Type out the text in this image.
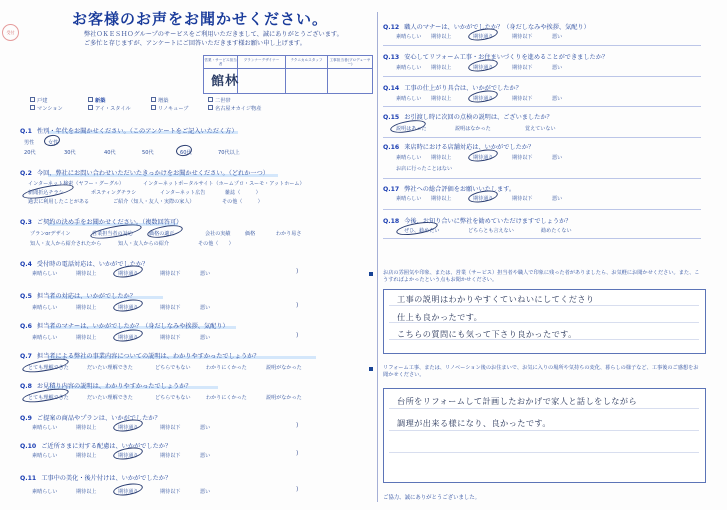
受付
お客様のお声をお聞かせください。
弊社ＯＫＥＳＨＯグループのサービスをご利用いただきまして、誠にありがとうございます。
ご多忙と存じますが、アンケートにご回答いただきます様お願い申し上げます。
営業・サービス担当者
プランナーデザイナー	テクニカルスタッフ	工事担当者(プロデューサー)
館林
戸建
マンション
新築
アイ・スタイル
増築
リノキューブ
二世帯
名古屋オカイジ物産
Q.1 性別・年代をお聞かせください。（このアンケートをご記入いただく方）
男性	女性
20代	30代	40代	50代	60代	70代以上
Q.2 今回、弊社にお問い合わせいただいたきっかけをお聞かせください。（どれか一つ）
インターネット検索（ヤフー・グーグル）	インターネットポータルサイト（ホームプロ・スーモ・アットホーム）
新聞折込チラシ	ポスティングチラシ	インターネット広告	雑誌（　　　）
過去に利用したことがある	ご紹介（知人・友人・実際の家人）	その他（　　　）
Q.3 ご契約の決め手をお聞かせください。（複数回答可）
プランorデザイン	営業担当者の対応	価格の適正	会社の実績	価格	わかり易さ
知人・友人から紹介されたから	知人・友人からの紹介	その他（　　）
Q.4 受付時の電話対応は、いかがでしたか？
素晴らしい	期待以上	期待通り	期待以下	悪い
Q.5 担当者の対応は、いかがでしたか？
素晴らしい	期待以上	期待通り	期待以下	悪い
Q.6 担当者のマナーは、いかがでしたか？（身だしなみや挨拶、気配り）
素晴らしい	期待以上	期待通り	期待以下	悪い
Q.7 担当者による弊社の事業内容についての説明は、わかりやすかったでしょうか？
とても理解できた	だいたい理解できた	どちらでもない	わかりにくかった	説明がなかった
Q.8 お見積り内容の説明は、わかりやすかったでしょうか？
とても理解できた	だいたい理解できた	どちらでもない	わかりにくかった	説明がなかった
Q.9 ご提案の商品やプランは、いかがでしたか？
素晴らしい	期待以上	期待通り	期待以下	悪い
Q.10 ご近所さまに対する配慮は、いかがでしたか？
素晴らしい	期待以上	期待通り	期待以下	悪い
Q.11 工事中の美化・後片付けは、いかがでしたか？
素晴らしい	期待以上	期待通り	期待以下	悪い
)
)
)
)
)
)
Q.12 職人のマナーは、いかがでしたか？（身だしなみや挨拶、気配り）
素晴らしい 期待以上	期待通り	期待以下	悪い
Q.13 安心してリフォーム工事・お住まいづくりを進めることができましたか？
素晴らしい 期待以上	期待通り	期待以下	悪い
Q.14 工事の仕上がり具合は、いかがでしたか？
素晴らしい 期待以上	期待通り	期待以下	悪い
Q.15 お引渡し時に次回の点検の説明は、ございましたか？
説明はあった	説明はなかった	覚えていない
Q.16 来店時における店舗対応は、いかがでしたか？
素晴らしい 期待以上	期待通り	期待以下	悪い
お店に行ったことはない
Q.17 弊社への総合評価をお願いいたします。
素晴らしい 期待以上	期待通り	期待以下	悪い
Q.18 今後、お知り合いに弊社を勧めていただけますでしょうか？
ぜひ、勧めたい	どちらとも言えない	勧めたくない
お店の雰囲気や印象、または、営業（サービス）担当者や職人で印象に残った者がありましたら、お気軽にお聞かせください。また、こうすればよかったという点もお聞かせください。
工事の説明はわかりやすくていねいにしてくださり
仕上も良かったです。
こちらの質問にも気って下さり良かったです。
リフォーム工事、または、リノベーション後のお住まいで、お気に入りの場所や気持ちの変化、暮らしの様子など、工事後のご感想をお聞かせください。
台所をリフォームして計画したおかげで家人と話しをしながら
調理が出来る様になり、良かったです。
ご協力、誠にありがとうございました。
